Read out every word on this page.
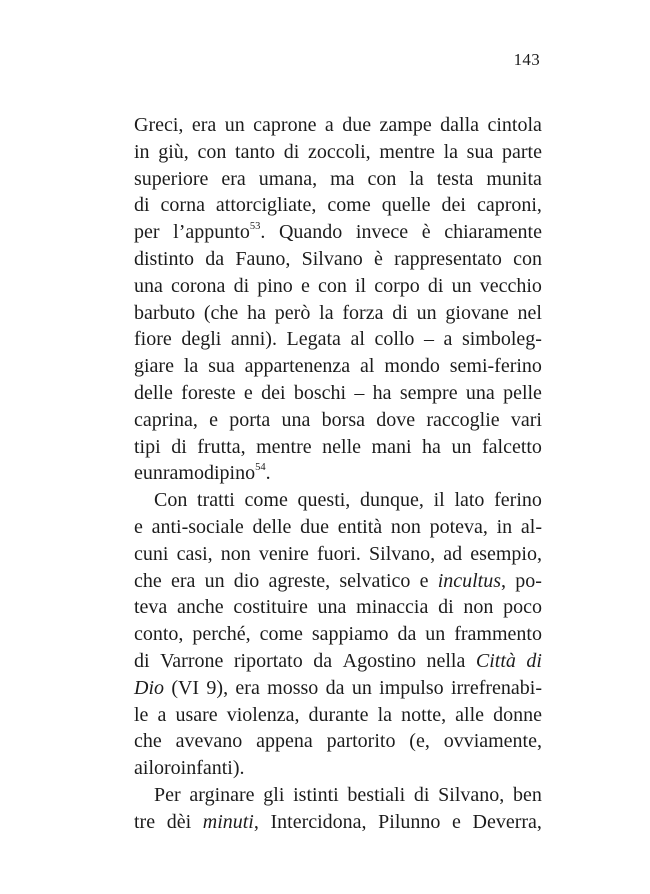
143
Greci, era un caprone a due zampe dalla cintola
in giù, con tanto di zoccoli, mentre la sua parte
superiore era umana, ma con la testa munita
di corna attorcigliate, come quelle dei caproni,
per l’appunto$^{53}$. Quando invece è chiaramente
distinto da Fauno, Silvano è rappresentato con
una corona di pino e con il corpo di un vecchio
barbuto (che ha però la forza di un giovane nel
fiore degli anni). Legata al collo – a simboleg-
giare la sua appartenenza al mondo semi-ferino
delle foreste e dei boschi – ha sempre una pelle
caprina, e porta una borsa dove raccoglie vari
tipi di frutta, mentre nelle mani ha un falcetto
e un ramo di pino$^{54}$.
Con tratti come questi, dunque, il lato ferino
e anti-sociale delle due entità non poteva, in al-
cuni casi, non venire fuori. Silvano, ad esempio,
che era un dio agreste, selvatico e incultus, po-
teva anche costituire una minaccia di non poco
conto, perché, come sappiamo da un frammento
di Varrone riportato da Agostino nella Città di
Dio (VI 9), era mosso da un impulso irrefrenabi-
le a usare violenza, durante la notte, alle donne
che avevano appena partorito (e, ovviamente,
ai loro infanti).
Per arginare gli istinti bestiali di Silvano, ben
tre dèi minuti, Intercidona, Pilunno e Deverra,
